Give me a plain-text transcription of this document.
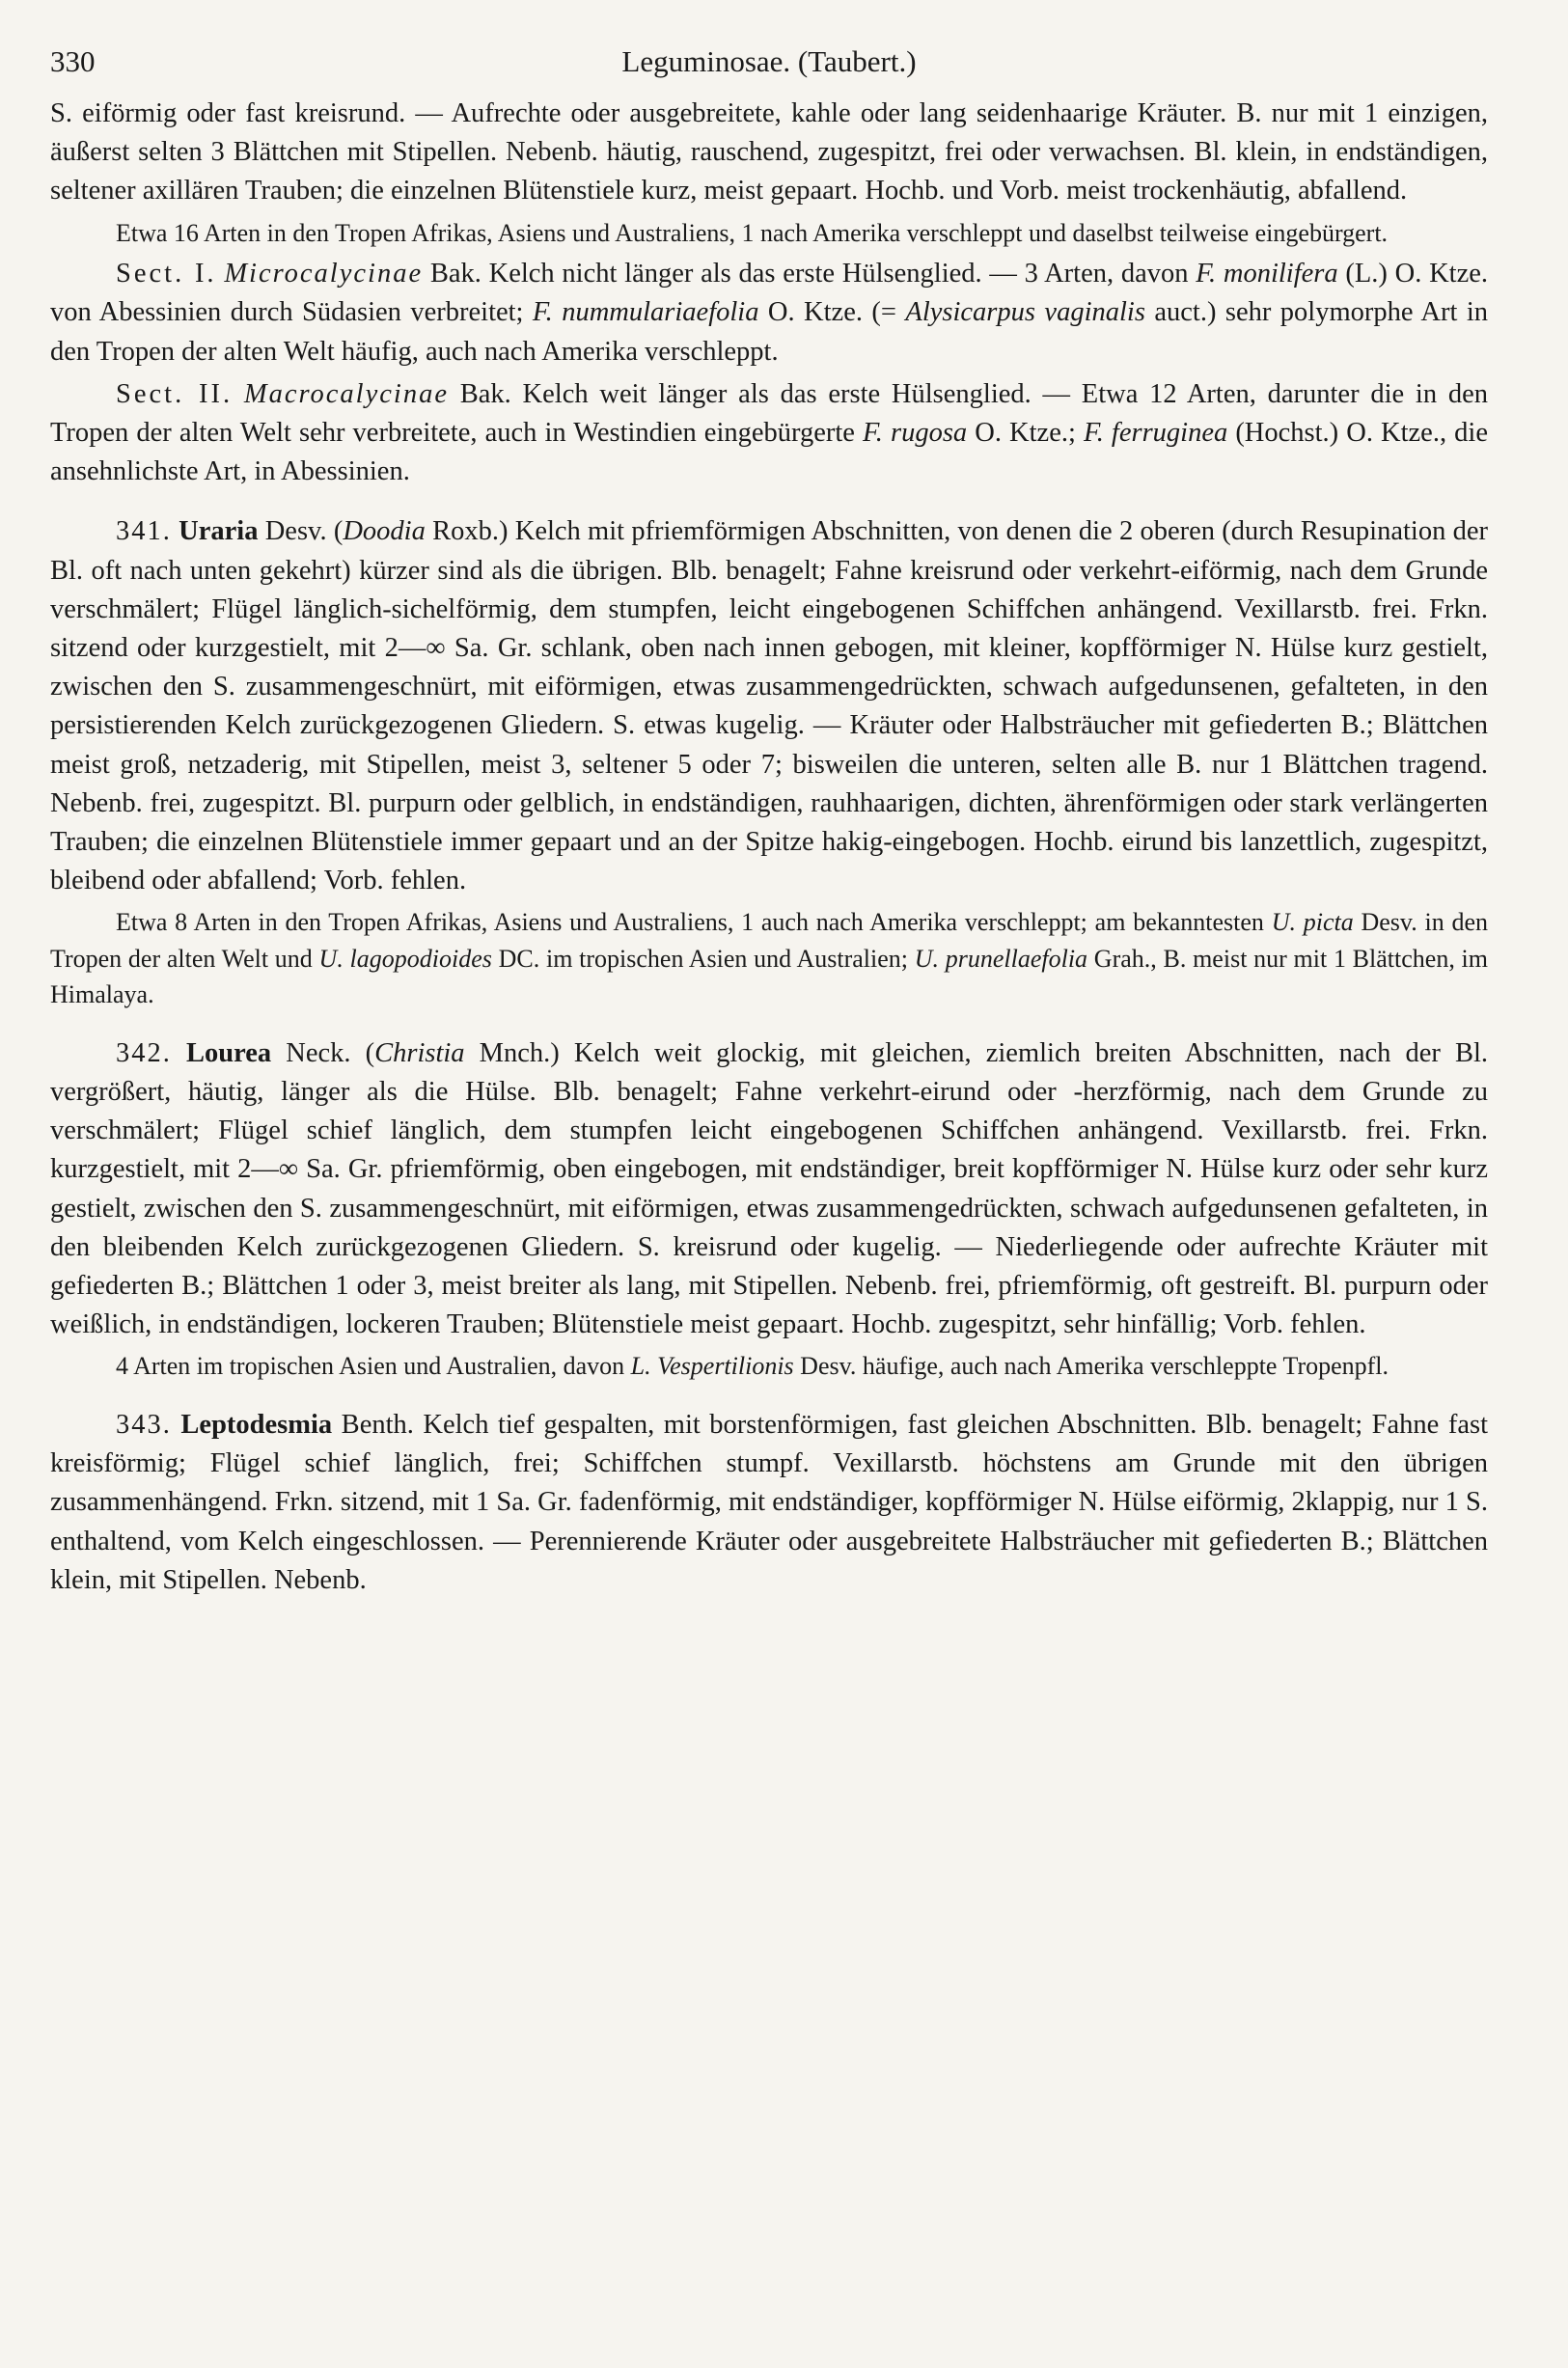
330	Leguminosae. (Taubert.)

S. eiförmig oder fast kreisrund. — Aufrechte oder ausgebreitete, kahle oder lang seidenhaarige Kräuter. B. nur mit 1 einzigen, äußerst selten 3 Blättchen mit Stipellen. Nebenb. häutig, rauschend, zugespitzt, frei oder verwachsen. Bl. klein, in endständigen, seltener axillären Trauben; die einzelnen Blütenstiele kurz, meist gepaart. Hochb. und Vorb. meist trockenhäutig, abfallend.

Etwa 16 Arten in den Tropen Afrikas, Asiens und Australiens, 1 nach Amerika verschleppt und daselbst teilweise eingebürgert.

Sect. I. Microcalycinae Bak. Kelch nicht länger als das erste Hülsenglied. — 3 Arten, davon F. monilifera (L.) O. Ktze. von Abessinien durch Südasien verbreitet; F. nummulariaefolia O. Ktze. (= Alysicarpus vaginalis auct.) sehr polymorphe Art in den Tropen der alten Welt häufig, auch nach Amerika verschleppt.

Sect. II. Macrocalycinae Bak. Kelch weit länger als das erste Hülsenglied. — Etwa 12 Arten, darunter die in den Tropen der alten Welt sehr verbreitete, auch in Westindien eingebürgerte F. rugosa O. Ktze.; F. ferruginea (Hochst.) O. Ktze., die ansehnlichste Art, in Abessinien.

341. Uraria Desv. (Doodia Roxb.) Kelch mit pfriemförmigen Abschnitten, von denen die 2 oberen (durch Resupination der Bl. oft nach unten gekehrt) kürzer sind als die übrigen. Blb. benagelt; Fahne kreisrund oder verkehrt-eiförmig, nach dem Grunde verschmälert; Flügel länglich-sichelförmig, dem stumpfen, leicht eingebogenen Schiffchen anhängend. Vexillarstb. frei. Frkn. sitzend oder kurzgestielt, mit 2—∞ Sa. Gr. schlank, oben nach innen gebogen, mit kleiner, kopfförmiger N. Hülse kurz gestielt, zwischen den S. zusammengeschnürt, mit eiförmigen, etwas zusammengedrückten, schwach aufgedunsenen, gefalteten, in den persistierenden Kelch zurückgezogenen Gliedern. S. etwas kugelig. — Kräuter oder Halbsträucher mit gefiederten B.; Blättchen meist groß, netzaderig, mit Stipellen, meist 3, seltener 5 oder 7; bisweilen die unteren, selten alle B. nur 1 Blättchen tragend. Nebenb. frei, zugespitzt. Bl. purpurn oder gelblich, in endständigen, rauhhaarigen, dichten, ährenförmigen oder stark verlängerten Trauben; die einzelnen Blütenstiele immer gepaart und an der Spitze hakig-eingebogen. Hochb. eirund bis lanzettlich, zugespitzt, bleibend oder abfallend; Vorb. fehlen.

Etwa 8 Arten in den Tropen Afrikas, Asiens und Australiens, 1 auch nach Amerika verschleppt; am bekanntesten U. picta Desv. in den Tropen der alten Welt und U. lagopodioides DC. im tropischen Asien und Australien; U. prunellaefolia Grah., B. meist nur mit 1 Blättchen, im Himalaya.

342. Lourea Neck. (Christia Mnch.) Kelch weit glockig, mit gleichen, ziemlich breiten Abschnitten, nach der Bl. vergrößert, häutig, länger als die Hülse. Blb. benagelt; Fahne verkehrt-eirund oder -herzförmig, nach dem Grunde zu verschmälert; Flügel schief länglich, dem stumpfen leicht eingebogenen Schiffchen anhängend. Vexillarstb. frei. Frkn. kurzgestielt, mit 2—∞ Sa. Gr. pfriemförmig, oben eingebogen, mit endständiger, breit kopfförmiger N. Hülse kurz oder sehr kurz gestielt, zwischen den S. zusammengeschnürt, mit eiförmigen, etwas zusammengedrückten, schwach aufgedunsenen gefalteten, in den bleibenden Kelch zurückgezogenen Gliedern. S. kreisrund oder kugelig. — Niederliegende oder aufrechte Kräuter mit gefiederten B.; Blättchen 1 oder 3, meist breiter als lang, mit Stipellen. Nebenb. frei, pfriemförmig, oft gestreift. Bl. purpurn oder weißlich, in endständigen, lockeren Trauben; Blütenstiele meist gepaart. Hochb. zugespitzt, sehr hinfällig; Vorb. fehlen.

4 Arten im tropischen Asien und Australien, davon L. Vespertilionis Desv. häufige, auch nach Amerika verschleppte Tropenpfl.

343. Leptodesmia Benth. Kelch tief gespalten, mit borstenförmigen, fast gleichen Abschnitten. Blb. benagelt; Fahne fast kreisförmig; Flügel schief länglich, frei; Schiffchen stumpf. Vexillarstb. höchstens am Grunde mit den übrigen zusammenhängend. Frkn. sitzend, mit 1 Sa. Gr. fadenförmig, mit endständiger, kopfförmiger N. Hülse eiförmig, 2klappig, nur 1 S. enthaltend, vom Kelch eingeschlossen. — Perennierende Kräuter oder ausgebreitete Halbsträucher mit gefiederten B.; Blättchen klein, mit Stipellen. Nebenb.
